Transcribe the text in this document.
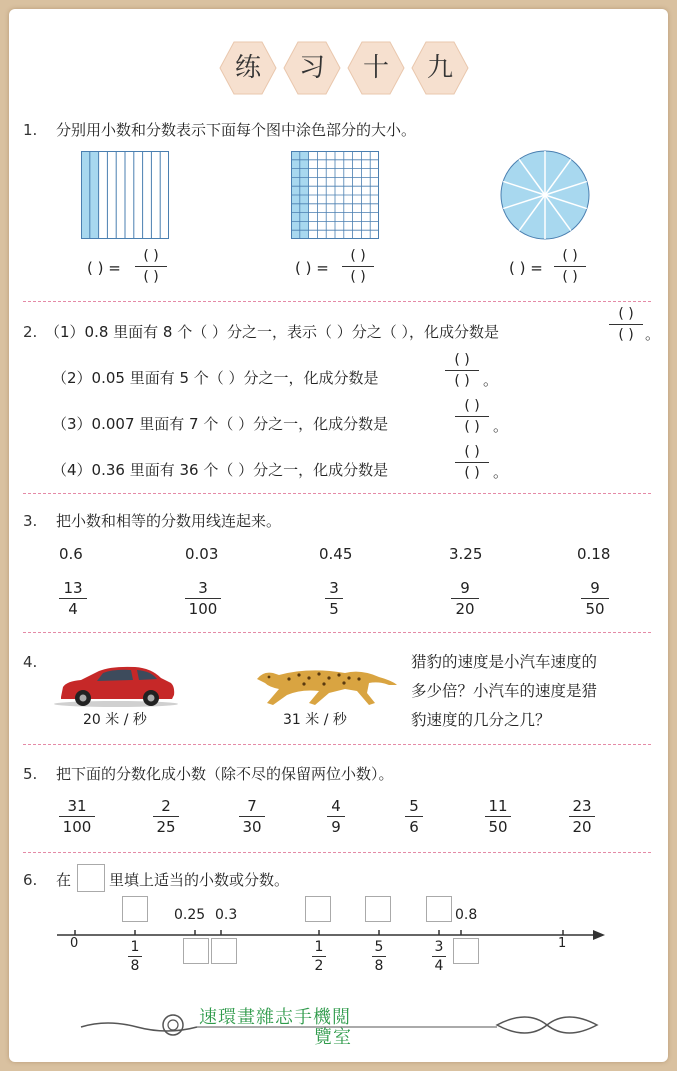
练	习	十	九
1. 分别用小数和分数表示下面每个图中涂色部分的大小。
( ) =
( )
( )	( ) =
( )
( )	( ) =
( )
( )
2. （1）0.8 里面有 8 个（ ）分之一，表示（ ）分之（ ），化成分数是
( )
( ) 。
（2）0.05 里面有 5 个（ ）分之一，化成分数是
( )
( ) 。
（3）0.007 里面有 7 个（ ）分之一，化成分数是
( )
( ) 。
（4）0.36 里面有 36 个（ ）分之一，化成分数是
( )
( ) 。
3. 把小数和相等的分数用线连起来。
0.6	0.03	0.45	3.25	0.18
13
4
3
100
3
5
9
20
9
50
4.
20 米 / 秒	31 米 / 秒
猎豹的速度是小汽车速度的
多少倍？小汽车的速度是猎
豹速度的几分之几？
5. 把下面的分数化成小数（除不尽的保留两位小数）。
31
100
2
25
7
30
4
9
5
6
11
50
23
20
6. 在	里填上适当的小数或分数。
0	1
0.25 0.3	0.8
1
8
1
2
5
8
3
4
速環畫雜志手機閲
覽室
